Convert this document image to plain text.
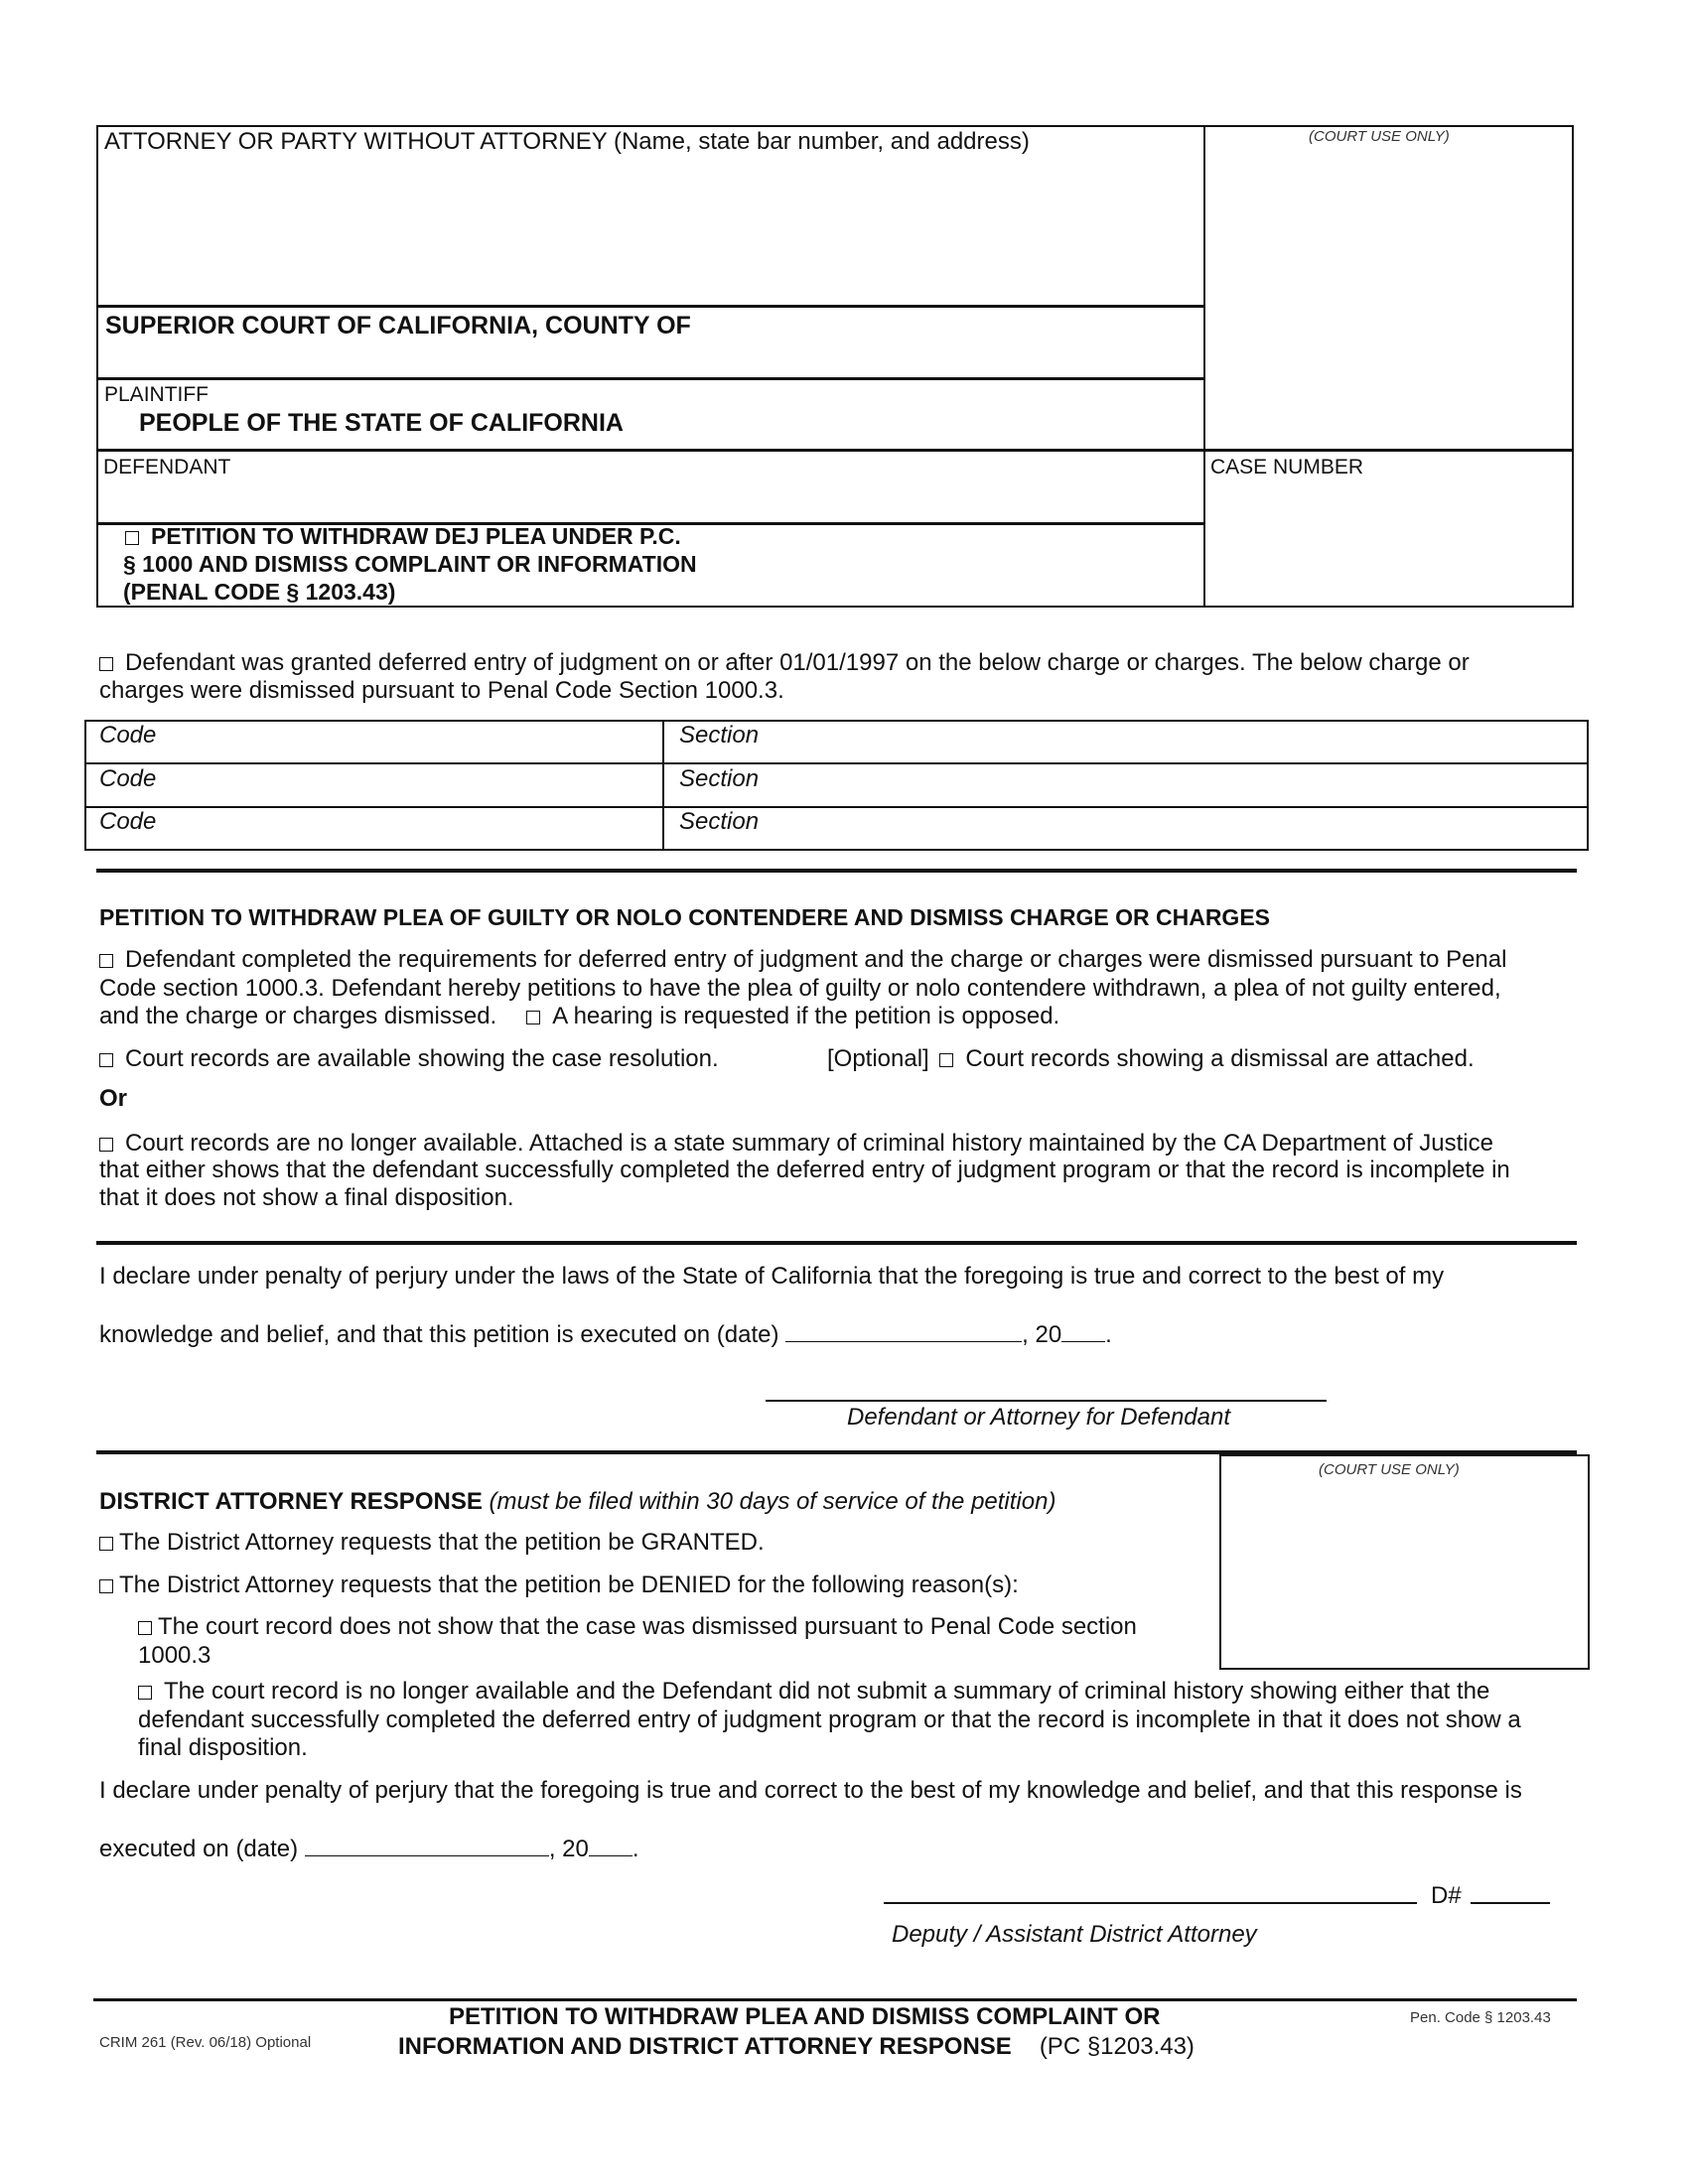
ATTORNEY OR PARTY WITHOUT ATTORNEY (Name, state bar number, and address)	(COURT USE ONLY)
SUPERIOR COURT OF CALIFORNIA, COUNTY OF
PLAINTIFF
PEOPLE OF THE STATE OF CALIFORNIA
DEFENDANT	CASE NUMBER
PETITION TO WITHDRAW DEJ PLEA UNDER P.C.
§ 1000 AND DISMISS COMPLAINT OR INFORMATION
(PENAL CODE § 1203.43)
Defendant was granted deferred entry of judgment on or after 01/01/1997 on the below charge or charges. The below charge or
charges were dismissed pursuant to Penal Code Section 1000.3.
Code	Section
Code	Section
Code	Section
PETITION TO WITHDRAW PLEA OF GUILTY OR NOLO CONTENDERE AND DISMISS CHARGE OR CHARGES
Defendant completed the requirements for deferred entry of judgment and the charge or charges were dismissed pursuant to Penal
Code section 1000.3. Defendant hereby petitions to have the plea of guilty or nolo contendere withdrawn, a plea of not guilty entered,
and the charge or charges dismissed. A hearing is requested if the petition is opposed.
Court records are available showing the case resolution.	[Optional] Court records showing a dismissal are attached.
Or
Court records are no longer available. Attached is a state summary of criminal history maintained by the CA Department of Justice
that either shows that the defendant successfully completed the deferred entry of judgment program or that the record is incomplete in
that it does not show a final disposition.
I declare under penalty of perjury under the laws of the State of California that the foregoing is true and correct to the best of my
knowledge and belief, and that this petition is executed on (date)	, 20 .
Defendant or Attorney for Defendant
(COURT USE ONLY)
DISTRICT ATTORNEY RESPONSE (must be filed within 30 days of service of the petition)
The District Attorney requests that the petition be GRANTED.
The District Attorney requests that the petition be DENIED for the following reason(s):
The court record does not show that the case was dismissed pursuant to Penal Code section
1000.3
The court record is no longer available and the Defendant did not submit a summary of criminal history showing either that the
defendant successfully completed the deferred entry of judgment program or that the record is incomplete in that it does not show a
final disposition.
I declare under penalty of perjury that the foregoing is true and correct to the best of my knowledge and belief, and that this response is
executed on (date)	, 20 .
D#
Deputy / Assistant District Attorney
CRIM 261 (Rev. 06/18) Optional
PETITION TO WITHDRAW PLEA AND DISMISS COMPLAINT OR
INFORMATION AND DISTRICT ATTORNEY RESPONSE (PC §1203.43)
Pen. Code § 1203.43
